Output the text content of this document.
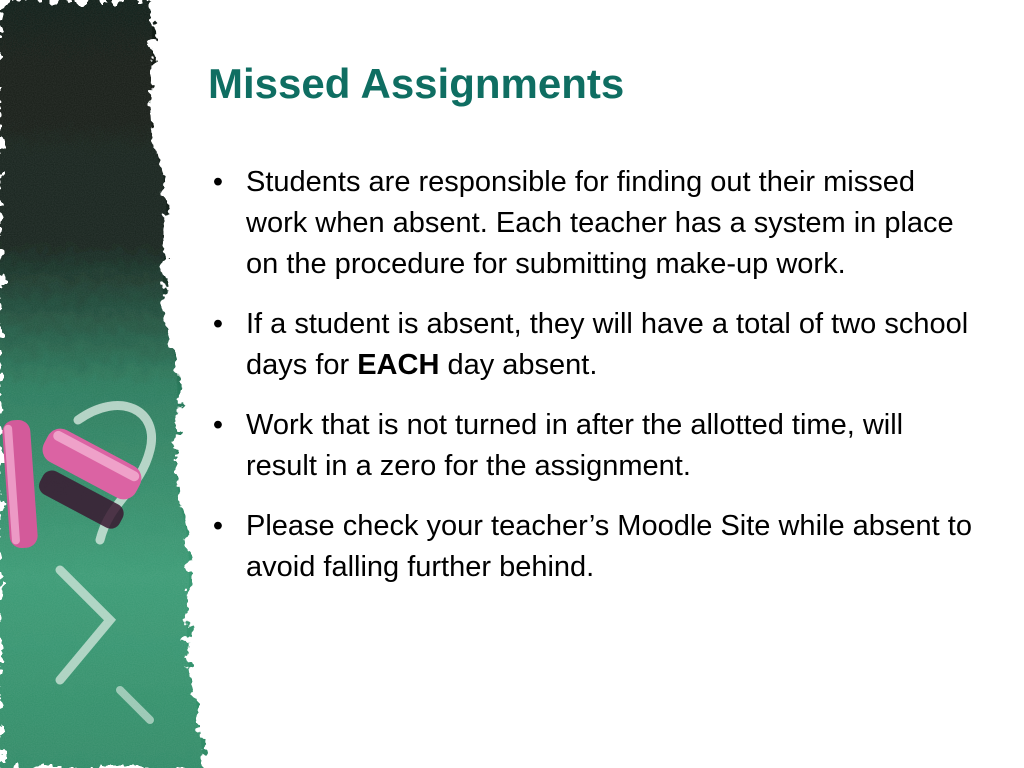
Missed Assignments
• Students are responsible for finding out their missed work when absent. Each teacher has a system in place on the procedure for submitting make-up work.
• If a student is absent, they will have a total of two school days for EACH day absent.
• Work that is not turned in after the allotted time, will result in a zero for the assignment.
• Please check your teacher’s Moodle Site while absent to avoid falling further behind.
